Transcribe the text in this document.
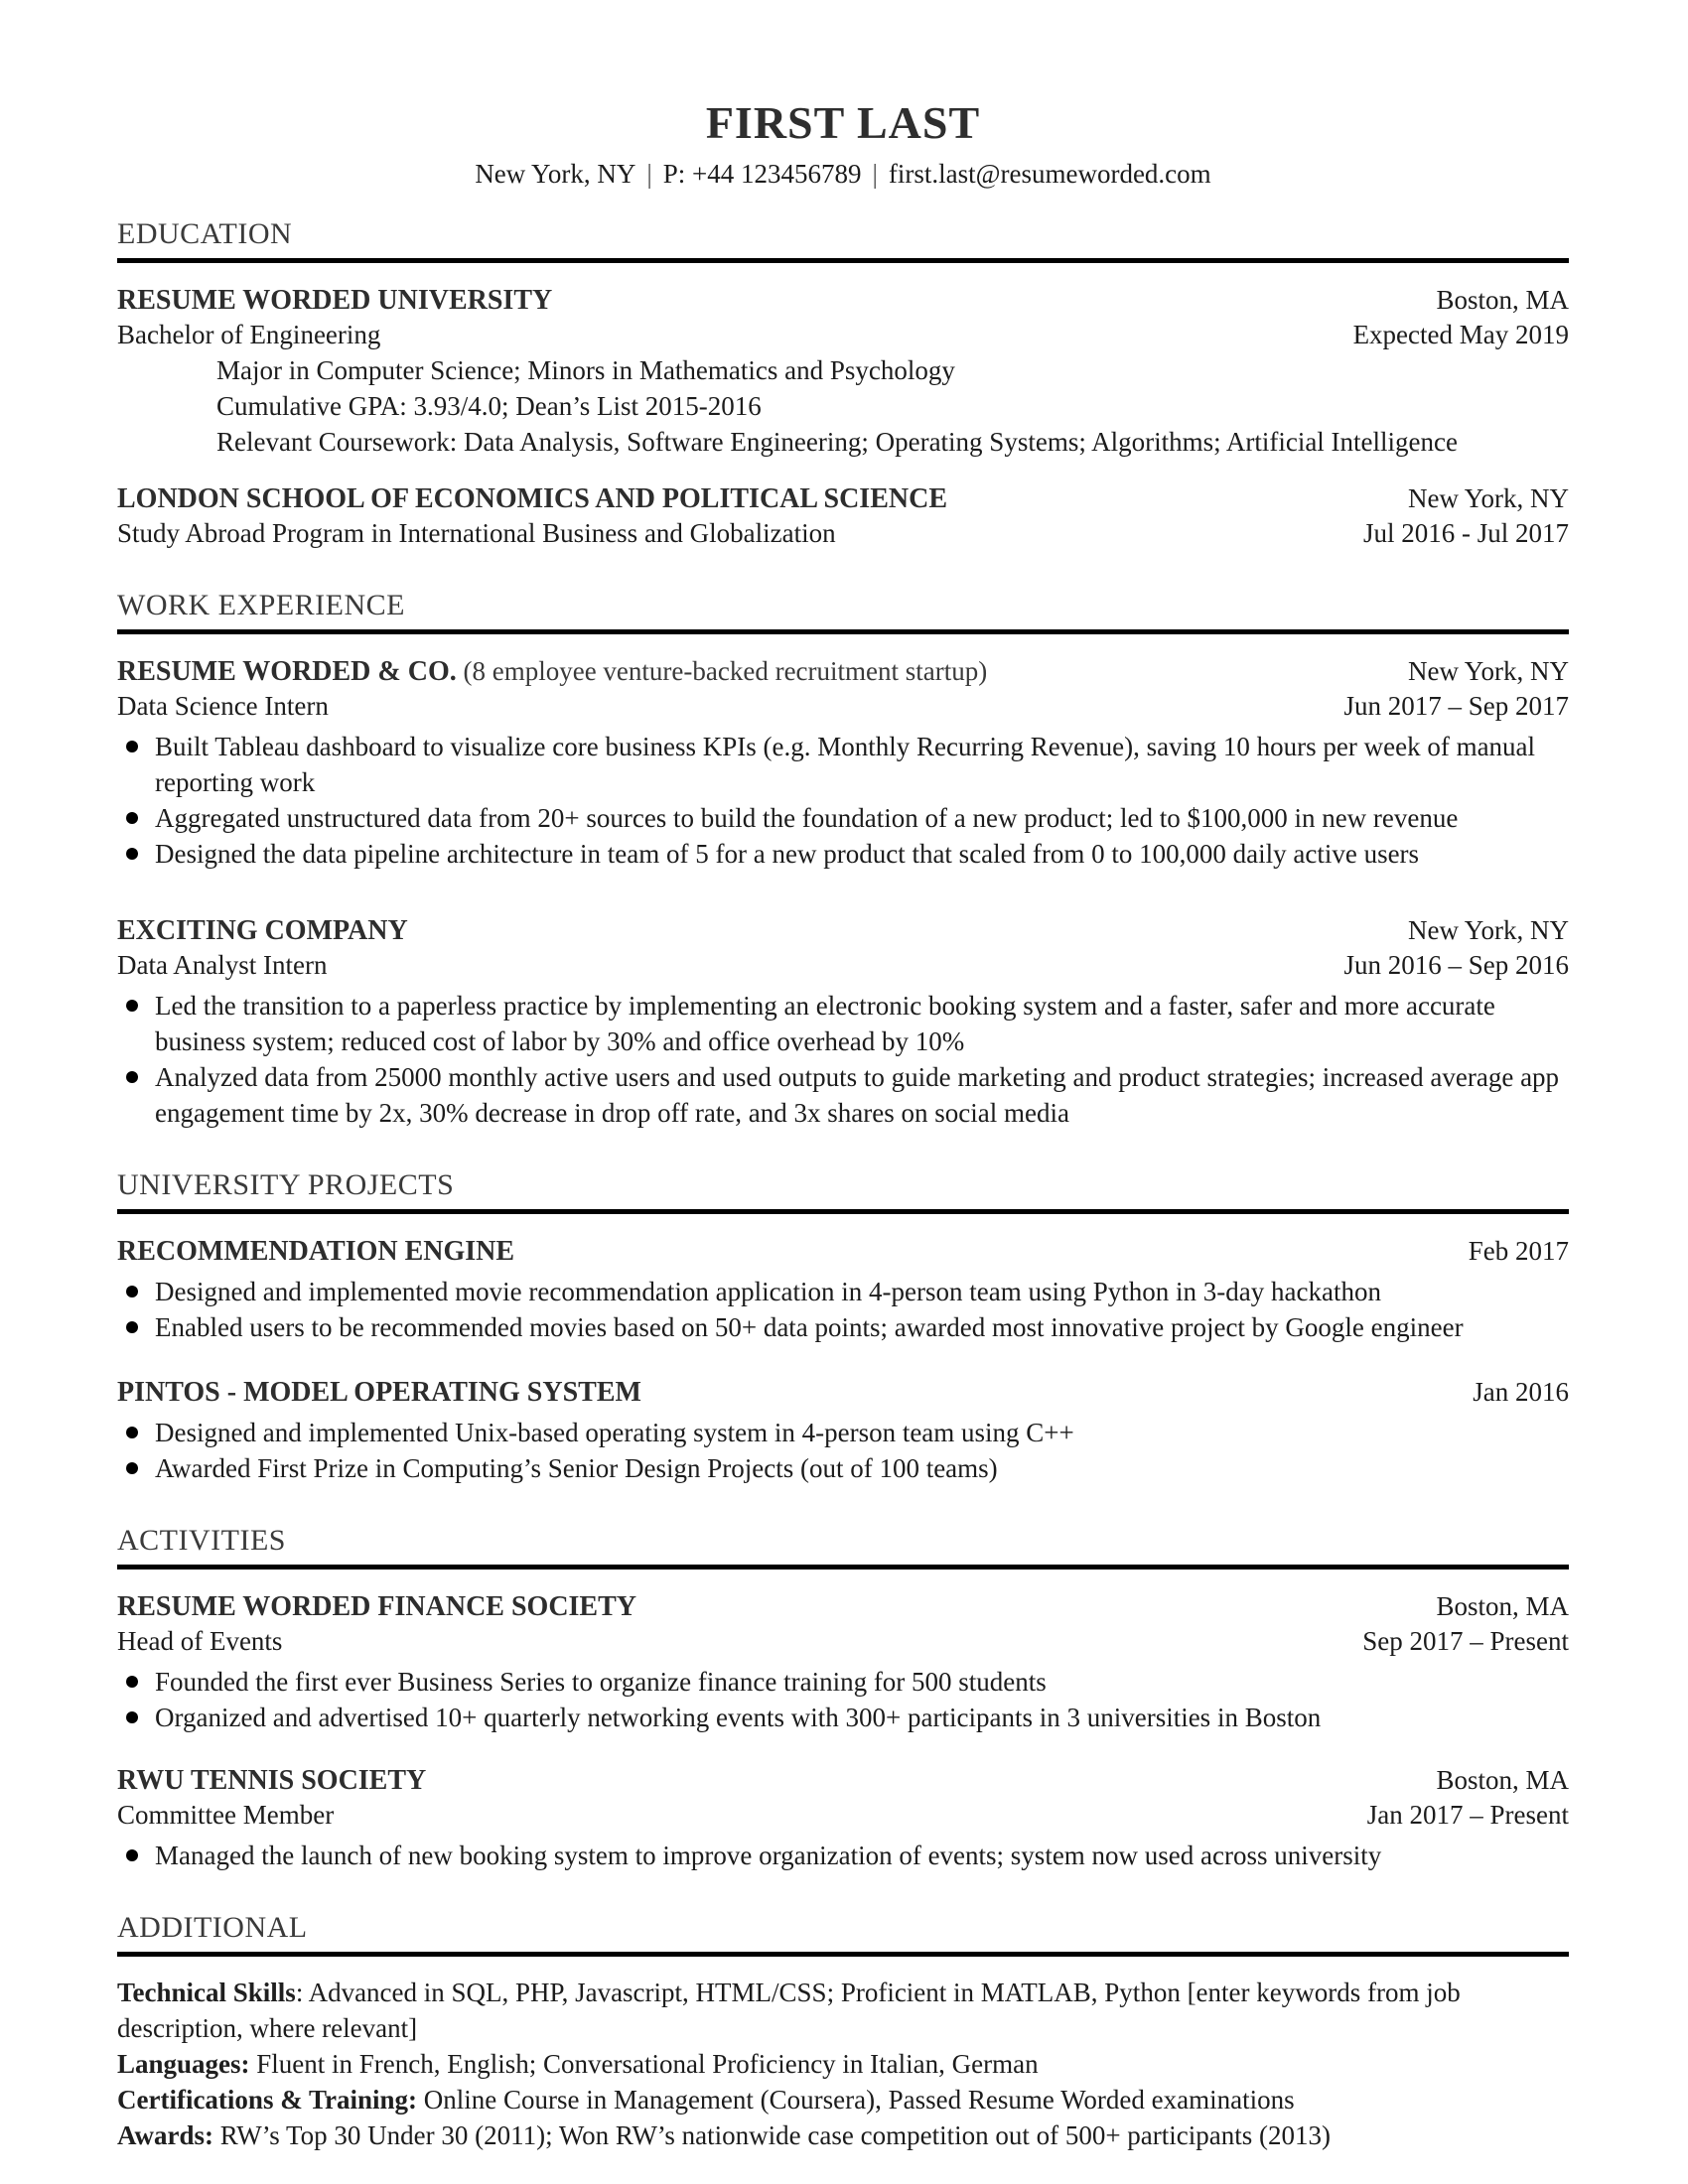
FIRST LAST
New York, NY | P: +44 123456789 | first.last@resumeworded.com
EDUCATION
RESUME WORDED UNIVERSITY	Boston, MA
Bachelor of Engineering	Expected May 2019
Major in Computer Science; Minors in Mathematics and Psychology
Cumulative GPA: 3.93/4.0; Dean’s List 2015-2016
Relevant Coursework: Data Analysis, Software Engineering; Operating Systems; Algorithms; Artificial Intelligence
LONDON SCHOOL OF ECONOMICS AND POLITICAL SCIENCE	New York, NY
Study Abroad Program in International Business and Globalization	Jul 2016 - Jul 2017
WORK EXPERIENCE
RESUME WORDED & CO. (8 employee venture-backed recruitment startup)	New York, NY
Data Science Intern	Jun 2017 – Sep 2017
Built Tableau dashboard to visualize core business KPIs (e.g. Monthly Recurring Revenue), saving 10 hours per week of manual reporting work
Aggregated unstructured data from 20+ sources to build the foundation of a new product; led to $100,000 in new revenue
Designed the data pipeline architecture in team of 5 for a new product that scaled from 0 to 100,000 daily active users
EXCITING COMPANY	New York, NY
Data Analyst Intern	Jun 2016 – Sep 2016
Led the transition to a paperless practice by implementing an electronic booking system and a faster, safer and more accurate business system; reduced cost of labor by 30% and office overhead by 10%
Analyzed data from 25000 monthly active users and used outputs to guide marketing and product strategies; increased average app engagement time by 2x, 30% decrease in drop off rate, and 3x shares on social media
UNIVERSITY PROJECTS
RECOMMENDATION ENGINE	Feb 2017
Designed and implemented movie recommendation application in 4-person team using Python in 3-day hackathon
Enabled users to be recommended movies based on 50+ data points; awarded most innovative project by Google engineer
PINTOS - MODEL OPERATING SYSTEM	Jan 2016
Designed and implemented Unix-based operating system in 4-person team using C++
Awarded First Prize in Computing’s Senior Design Projects (out of 100 teams)
ACTIVITIES
RESUME WORDED FINANCE SOCIETY	Boston, MA
Head of Events	Sep 2017 – Present
Founded the first ever Business Series to organize finance training for 500 students
Organized and advertised 10+ quarterly networking events with 300+ participants in 3 universities in Boston
RWU TENNIS SOCIETY	Boston, MA
Committee Member	Jan 2017 – Present
Managed the launch of new booking system to improve organization of events; system now used across university
ADDITIONAL
Technical Skills: Advanced in SQL, PHP, Javascript, HTML/CSS; Proficient in MATLAB, Python [enter keywords from job description, where relevant]
Languages: Fluent in French, English; Conversational Proficiency in Italian, German
Certifications & Training: Online Course in Management (Coursera), Passed Resume Worded examinations
Awards: RW’s Top 30 Under 30 (2011); Won RW’s nationwide case competition out of 500+ participants (2013)
